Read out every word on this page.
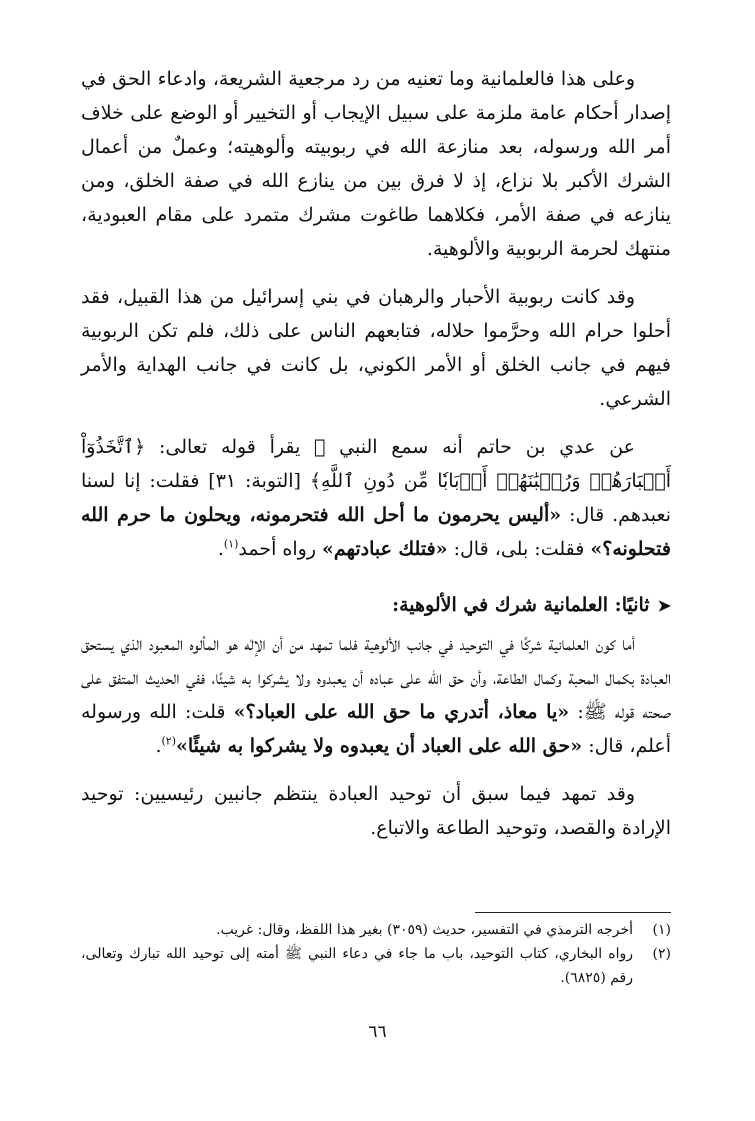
وعلى هذا فالعلمانية وما تعنيه من رد مرجعية الشريعة، وادعاء الحق في إصدار أحكام عامة ملزمة على سبيل الإيجاب أو التخيير أو الوضع على خلاف أمر الله ورسوله، بعد منازعة الله في ربوبيته وألوهيته؛ وعملٌ من أعمال الشرك الأكبر بلا نزاع، إذ لا فرق بين من ينازع الله في صفة الخلق، ومن ينازعه في صفة الأمر، فكلاهما طاغوت مشرك متمرد على مقام العبودية، منتهك لحرمة الربوبية والألوهية.

وقد كانت ربوبية الأحبار والرهبان في بني إسرائيل من هذا القبيل، فقد أحلوا حرام الله وحرَّموا حلاله، فتابعهم الناس على ذلك، فلم تكن الربوبية فيهم في جانب الخلق أو الأمر الكوني، بل كانت في جانب الهداية والأمر الشرعي.

عن عدي بن حاتم أنه سمع النبي ﷺ يقرأ قوله تعالى: ﴿ٱتَّخَذُوٓاْ أَحۡبَارَهُمۡ وَرُهۡبَٰنَهُمۡ أَرۡبَابٗا مِّن دُونِ ٱللَّهِ﴾ [التوبة: ٣١] فقلت: إنا لسنا نعبدهم. قال: «أليس يحرمون ما أحل الله فتحرمونه، ويحلون ما حرم الله فتحلونه؟» فقلت: بلى، قال: «فتلك عبادتهم» رواه أحمد$^{(١)}$.

➤ثانيًا: العلمانية شرك في الألوهية:

أما كون العلمانية شركًا في التوحيد في جانب الألوهية فلما تمهد من أن الإلٰه هو المألوه المعبود الذي يستحق العبادة بكمال المحبة وكمال الطاعة، وأن حق الله على عباده أن يعبدوه ولا يشركوا به شيئًا، ففي الحديث المتفق على صحته قوله ﷺ: «يا معاذ، أتدري ما حق الله على العباد؟» قلت: الله ورسوله أعلم، قال: «حق الله على العباد أن يعبدوه ولا يشركوا به شيئًا»$^{(٢)}$.

وقد تمهد فيما سبق أن توحيد العبادة ينتظم جانبين رئيسيين: توحيد الإرادة والقصد، وتوحيد الطاعة والاتباع.

(١)أخرجه الترمذي في التفسير، حديث (٣٠٥٩) بغير هذا اللفظ، وقال: غريب.

(٢)رواه البخاري، كتاب التوحيد، باب ما جاء في دعاء النبي ﷺ أمته إلى توحيد الله تبارك وتعالى، رقم (٦٨٢٥).

٦٦
